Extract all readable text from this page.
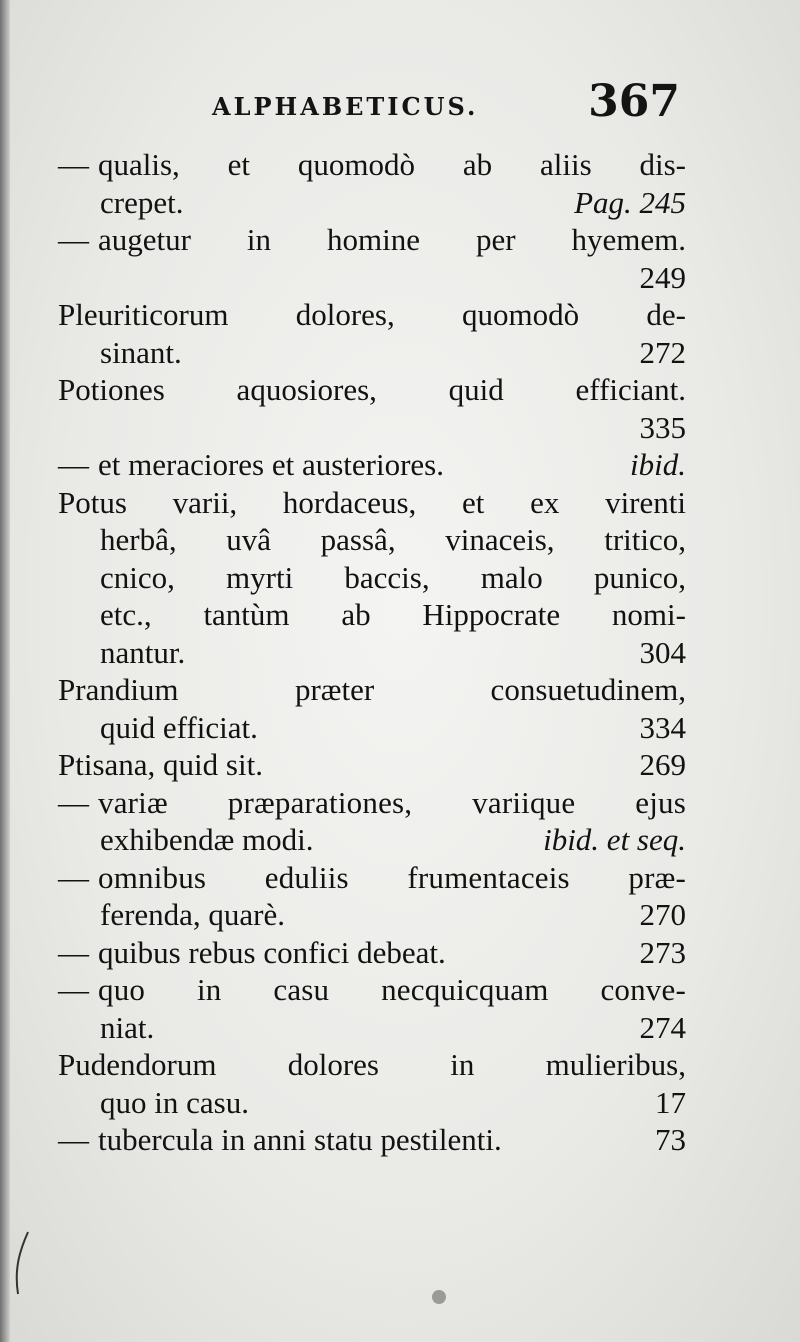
ALPHABETICUS. 367
— qualis, et quomodò ab aliis dis-
crepet.	Pag. 245
— augetur in homine per hyemem.
249
Pleuriticorum dolores, quomodò de-
sinant.	272
Potiones aquosiores, quid efficiant.
335
— et meraciores et austeriores.	ibid.
Potus varii, hordaceus, et ex virenti
herbâ, uvâ passâ, vinaceis, tritico,
cnico, myrti baccis, malo punico,
etc., tantùm ab Hippocrate nomi-
nantur.	304
Prandium præter consuetudinem,
quid efficiat.	334
Ptisana, quid sit.	269
— variæ præparationes, variique ejus
exhibendæ modi.	ibid. et seq.
— omnibus eduliis frumentaceis præ-
ferenda, quarè.	270
— quibus rebus confici debeat.	273
— quo in casu necquicquam conve-
niat.	274
Pudendorum dolores in mulieribus,
quo in casu.	17
— tubercula in anni statu pestilenti.	73
